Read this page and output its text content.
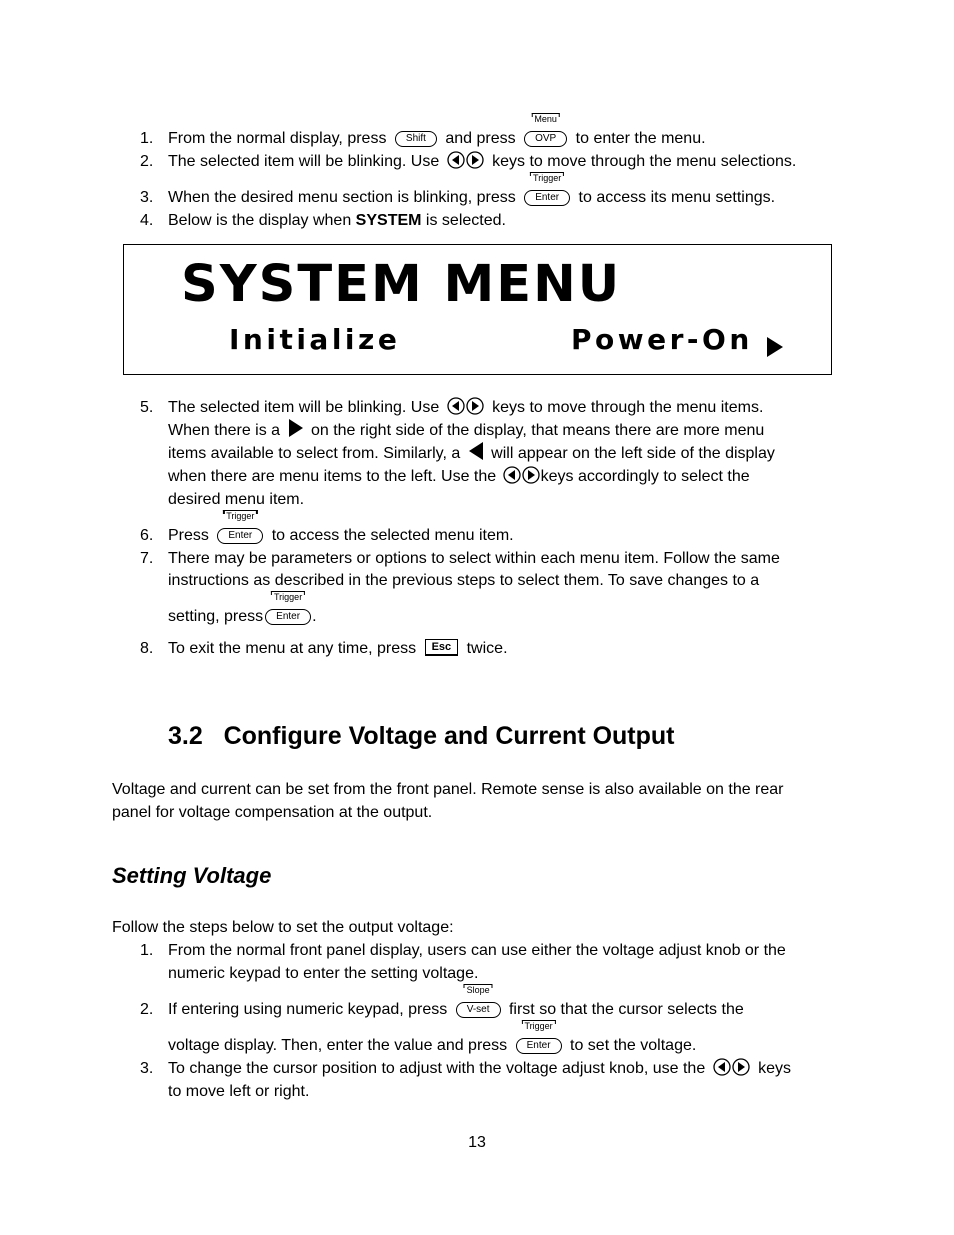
1. From the normal display, press Shift and press
Menu
OVP to enter the menu.
2. The selected item will be blinking. Use	keys to move through the menu selections.
3. When the desired menu section is blinking, press
Trigger
Enter to access its menu settings.
4. Below is the display when SYSTEM is selected.
SYSTEM MENU
Initialize	Power-On
5. The selected item will be blinking. Use	keys to move through the menu items.
When there is a on the right side of the display, that means there are more menu
items available to select from. Similarly, a will appear on the left side of the display
when there are menu items to the left. Use the	keys accordingly to select the
desired menu item.
6. Press
Trigger
Enter to access the selected menu item.
7. There may be parameters or options to select within each menu item. Follow the same
instructions as described in the previous steps to select them. To save changes to a
setting, press
Trigger
Enter .
8. To exit the menu at any time, press Esc twice.
3.2   Configure Voltage and Current Output
Voltage and current can be set from the front panel. Remote sense is also available on the rear
panel for voltage compensation at the output.
Setting Voltage
Follow the steps below to set the output voltage:
1. From the normal front panel display, users can use either the voltage adjust knob or the
numeric keypad to enter the setting voltage.
2. If entering using numeric keypad, press
Slope
V-set first so that the cursor selects the
voltage display. Then, enter the value and press
Trigger
Enter to set the voltage.
3. To change the cursor position to adjust with the voltage adjust knob, use the	keys
to move left or right.
13
